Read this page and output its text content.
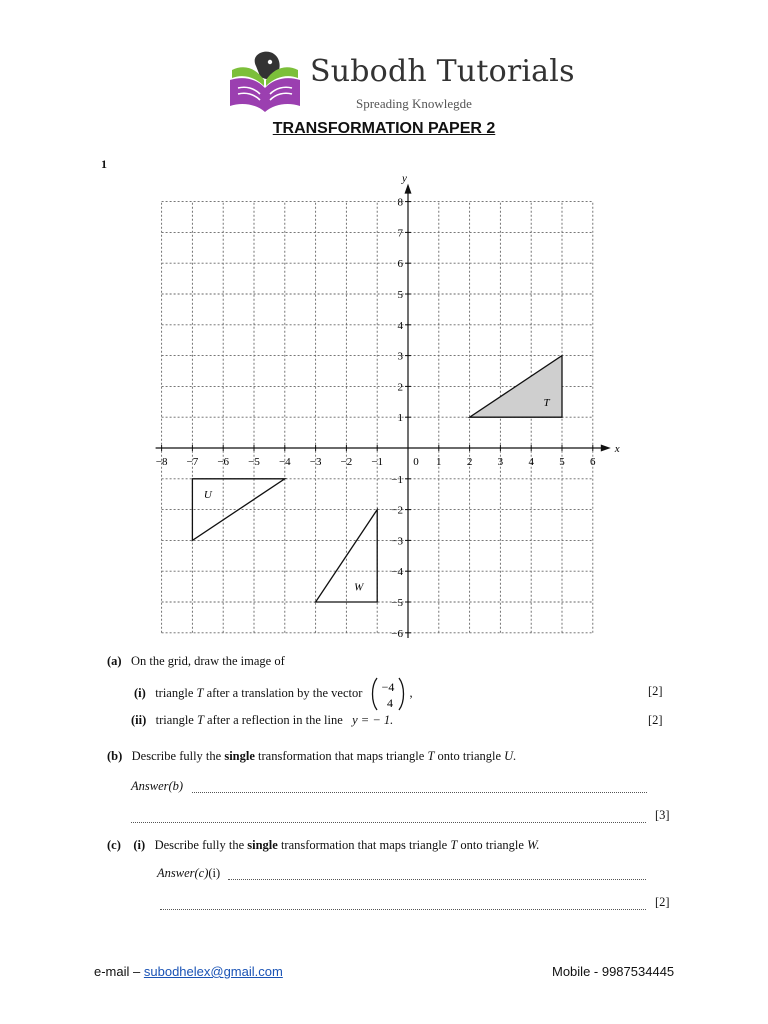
Subodh Tutorials
Spreading Knowlegde
TRANSFORMATION PAPER 2
1
T
U
W
x
y
−8 −7 −6 −5 −4 −3 −2 −1	1 2 3 4 5 6
0
8
7
6
5
4
3
2
1
−1
−2
−3
−4
−5
−6
(a) On the grid, draw the image of
(i) triangle T after a translation by the vector −4
4
,	[2]
(ii) triangle T after a reflection in the line y = − 1.	[2]
(b) Describe fully the single transformation that maps triangle T onto triangle U.
Answer(b)
[3]
(c) (i) Describe fully the single transformation that maps triangle T onto triangle W.
Answer(c)(i)
[2]
e-mail – subodhelex@gmail.com	Mobile - 9987534445
